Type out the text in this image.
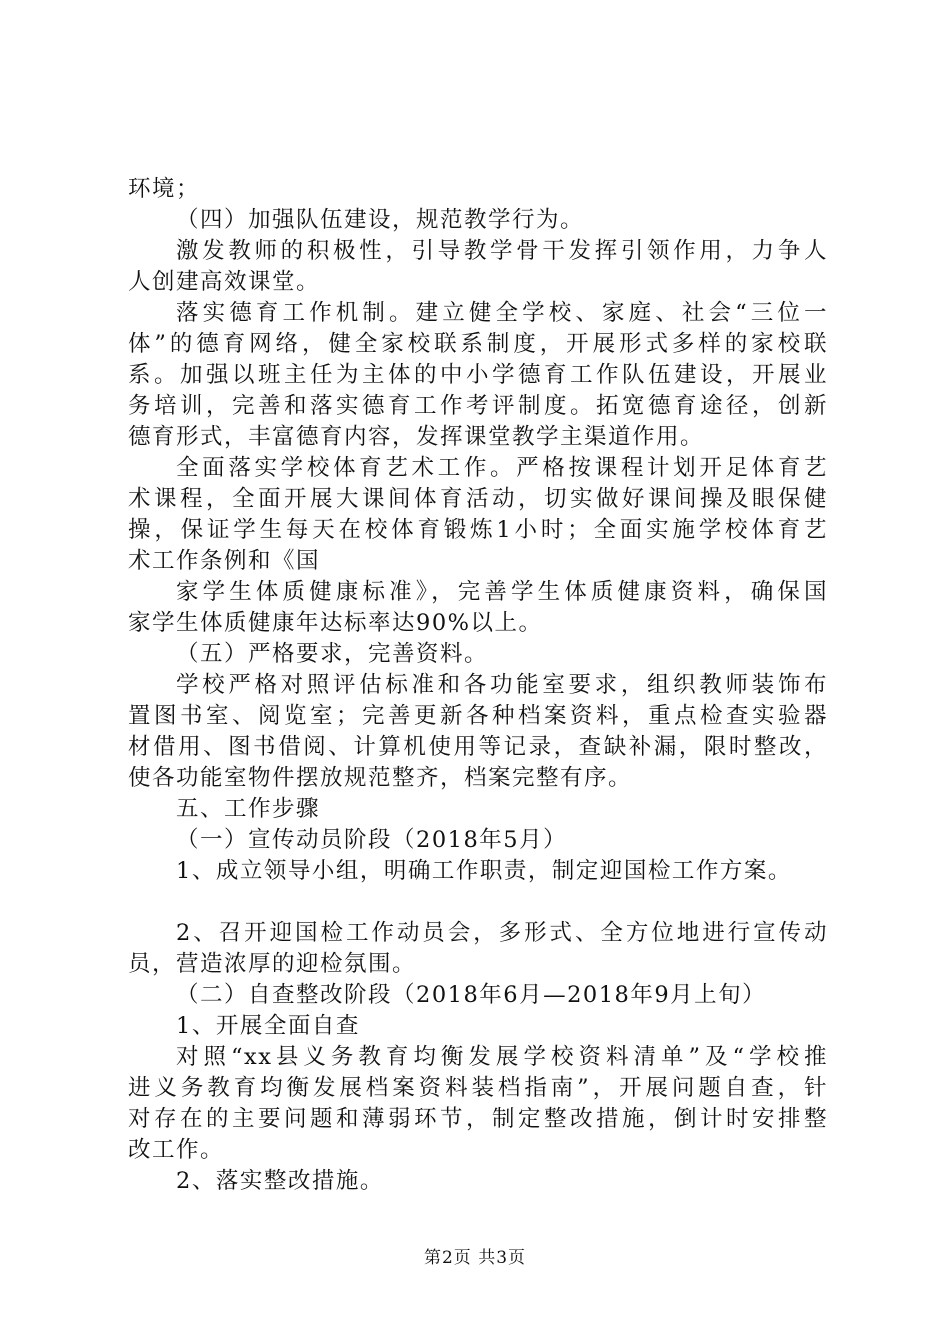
环境；
（四）加强队伍建设，规范教学行为。
激发教师的积极性，引导教学骨干发挥引领作用，力争人
人创建高效课堂。
落实德育工作机制。建立健全学校、家庭、社会“三位一
体”的德育网络，健全家校联系制度，开展形式多样的家校联
系。加强以班主任为主体的中小学德育工作队伍建设，开展业
务培训，完善和落实德育工作考评制度。拓宽德育途径，创新
德育形式，丰富德育内容，发挥课堂教学主渠道作用。
全面落实学校体育艺术工作。严格按课程计划开足体育艺
术课程，全面开展大课间体育活动，切实做好课间操及眼保健
操，保证学生每天在校体育锻炼1小时；全面实施学校体育艺
术工作条例和《国
家学生体质健康标准》，完善学生体质健康资料，确保国
家学生体质健康年达标率达90%以上。
（五）严格要求，完善资料。
学校严格对照评估标准和各功能室要求，组织教师装饰布
置图书室、阅览室；完善更新各种档案资料，重点检查实验器
材借用、图书借阅、计算机使用等记录，查缺补漏，限时整改，
使各功能室物件摆放规范整齐，档案完整有序。
五、工作步骤
（一）宣传动员阶段（2018年5月）
1、成立领导小组，明确工作职责，制定迎国检工作方案。
2、召开迎国检工作动员会，多形式、全方位地进行宣传动
员，营造浓厚的迎检氛围。
（二）自查整改阶段（2018年6月—2018年9月上旬）
1、开展全面自查
对照“xx县义务教育均衡发展学校资料清单”及“学校推
进义务教育均衡发展档案资料装档指南”，开展问题自查，针
对存在的主要问题和薄弱环节，制定整改措施，倒计时安排整
改工作。
2、落实整改措施。
第2页 共3页
